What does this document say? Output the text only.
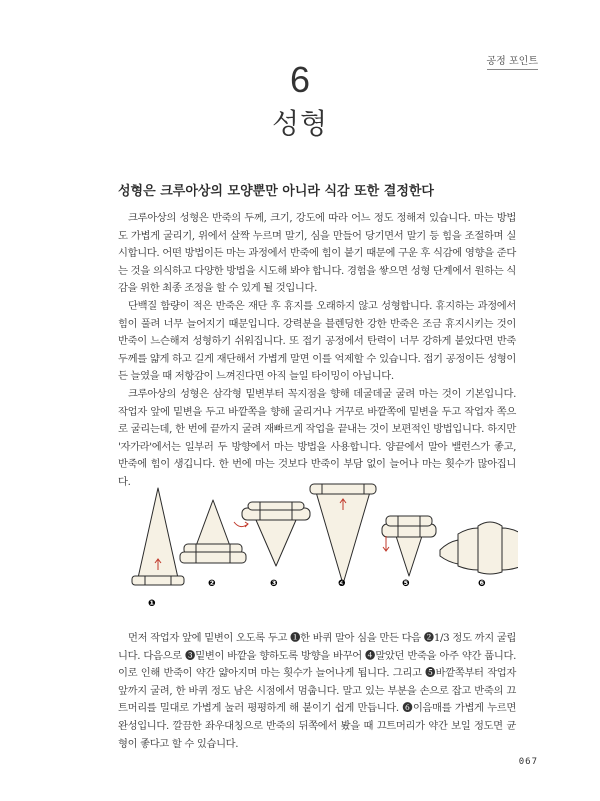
공정 포인트
6
성형
성형은 크루아상의 모양뿐만 아니라 식감 또한 결정한다

크루아상의 성형은 반죽의 두께, 크기, 강도에 따라 어느 정도 정해져 있습니다. 마는 방법도 가볍게 굴리기, 위에서 살짝 누르며 말기, 심을 만들어 당기면서 말기 등 힘을 조절하며 실시합니다. 어떤 방법이든 마는 과정에서 반죽에 힘이 붙기 때문에 구운 후 식감에 영향을 준다는 것을 의식하고 다양한 방법을 시도해 봐야 합니다. 경험을 쌓으면 성형 단계에서 원하는 식감을 위한 최종 조정을 할 수 있게 될 것입니다.

단백질 함량이 적은 반죽은 재단 후 휴지를 오래하지 않고 성형합니다. 휴지하는 과정에서 힘이 풀려 너무 늘어지기 때문입니다. 강력분을 블렌딩한 강한 반죽은 조금 휴지시키는 것이 반죽이 느슨해져 성형하기 쉬워집니다. 또 접기 공정에서 탄력이 너무 강하게 붙었다면 반죽 두께를 얇게 하고 길게 재단해서 가볍게 말면 이를 억제할 수 있습니다. 접기 공정이든 성형이든 늘였을 때 저항감이 느껴진다면 아직 늘일 타이밍이 아닙니다.

크루아상의 성형은 삼각형 밑변부터 꼭지점을 향해 데굴데굴 굴려 마는 것이 기본입니다. 작업자 앞에 밑변을 두고 바깥쪽을 향해 굴리거나 거꾸로 바깥쪽에 밑변을 두고 작업자 쪽으로 굴리는데, 한 번에 끝까지 굴려 재빠르게 작업을 끝내는 것이 보편적인 방법입니다. 하지만 '자가라'에서는 일부러 두 방향에서 마는 방법을 사용합니다. 양끝에서 말아 밸런스가 좋고, 반죽에 힘이 생깁니다. 한 번에 마는 것보다 반죽이 부담 없이 늘어나 마는 횟수가 많아집니다.

❶
❷	❸	❹	❺	❻

먼저 작업자 앞에 밑변이 오도록 두고 ❶한 바퀴 말아 심을 만든 다음 ❷1/3 정도 까지 굴립니다. 다음으로 ❸밑변이 바깥을 향하도록 방향을 바꾸어 ❹말았던 반죽을 아주 약간 풉니다. 이로 인해 반죽이 약간 얇아지며 마는 횟수가 늘어나게 됩니다. 그리고 ❺바깥쪽부터 작업자 앞까지 굴려, 한 바퀴 정도 남은 시점에서 멈춥니다. 말고 있는 부분을 손으로 잡고 반죽의 끄트머리를 밀대로 가볍게 눌러 평평하게 해 붙이기 쉽게 만듭니다. ❻이음매를 가볍게 누르면 완성입니다. 깔끔한 좌우대칭으로 반죽의 뒤쪽에서 봤을 때 끄트머리가 약간 보일 정도면 균형이 좋다고 할 수 있습니다.

067
